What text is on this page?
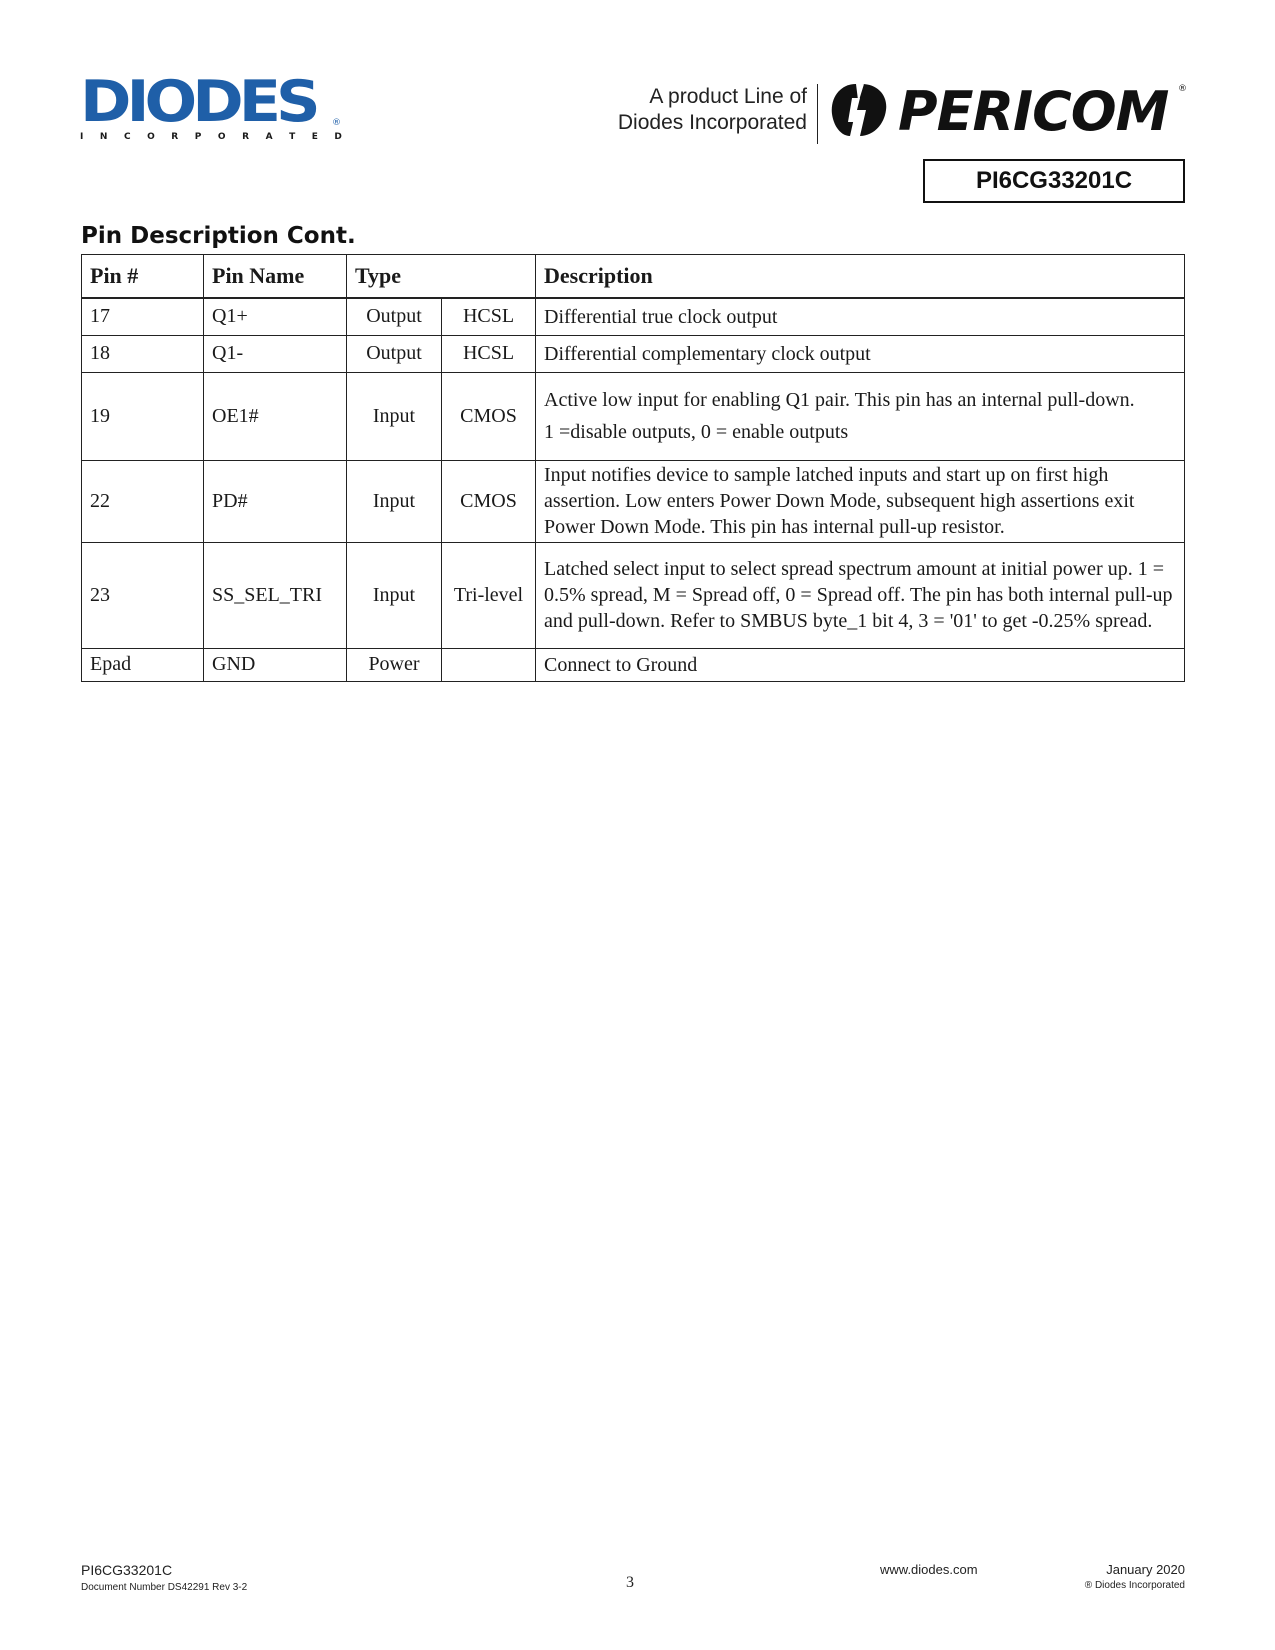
DIODES ®
I N C O R P O R A T E D
A product Line of
Diodes Incorporated PERICOM ®
PI6CG33201C
Pin Description Cont.
Pin #	Pin Name	Type		Description
17	Q1+	Output	HCSL	Differential true clock output

18	Q1-	Output	HCSL	Differential complementary clock output

19	OE1#	Input	CMOS	Active low input for enabling Q1 pair. This pin has an internal pull-down.

1 =disable outputs, 0 = enable outputs

22	PD#	Input	CMOS	Input notifies device to sample latched inputs and start up on first high assertion. Low enters Power Down Mode, subsequent high assertions exit Power Down Mode. This pin has internal pull-up resistor.

23	SS_SEL_TRI	Input	Tri-level	Latched select input to select spread spectrum amount at initial power up. 1 = 0.5% spread, M = Spread off, 0 = Spread off. The pin has both internal pull-up and pull-down. Refer to SMBUS byte_1 bit 4, 3 = '01' to get -0.25% spread.

Epad	GND	Power		Connect to Ground

PI6CG33201C
Document Number DS42291 Rev 3-2	3
www.diodes.com	January 2020
® Diodes Incorporated
